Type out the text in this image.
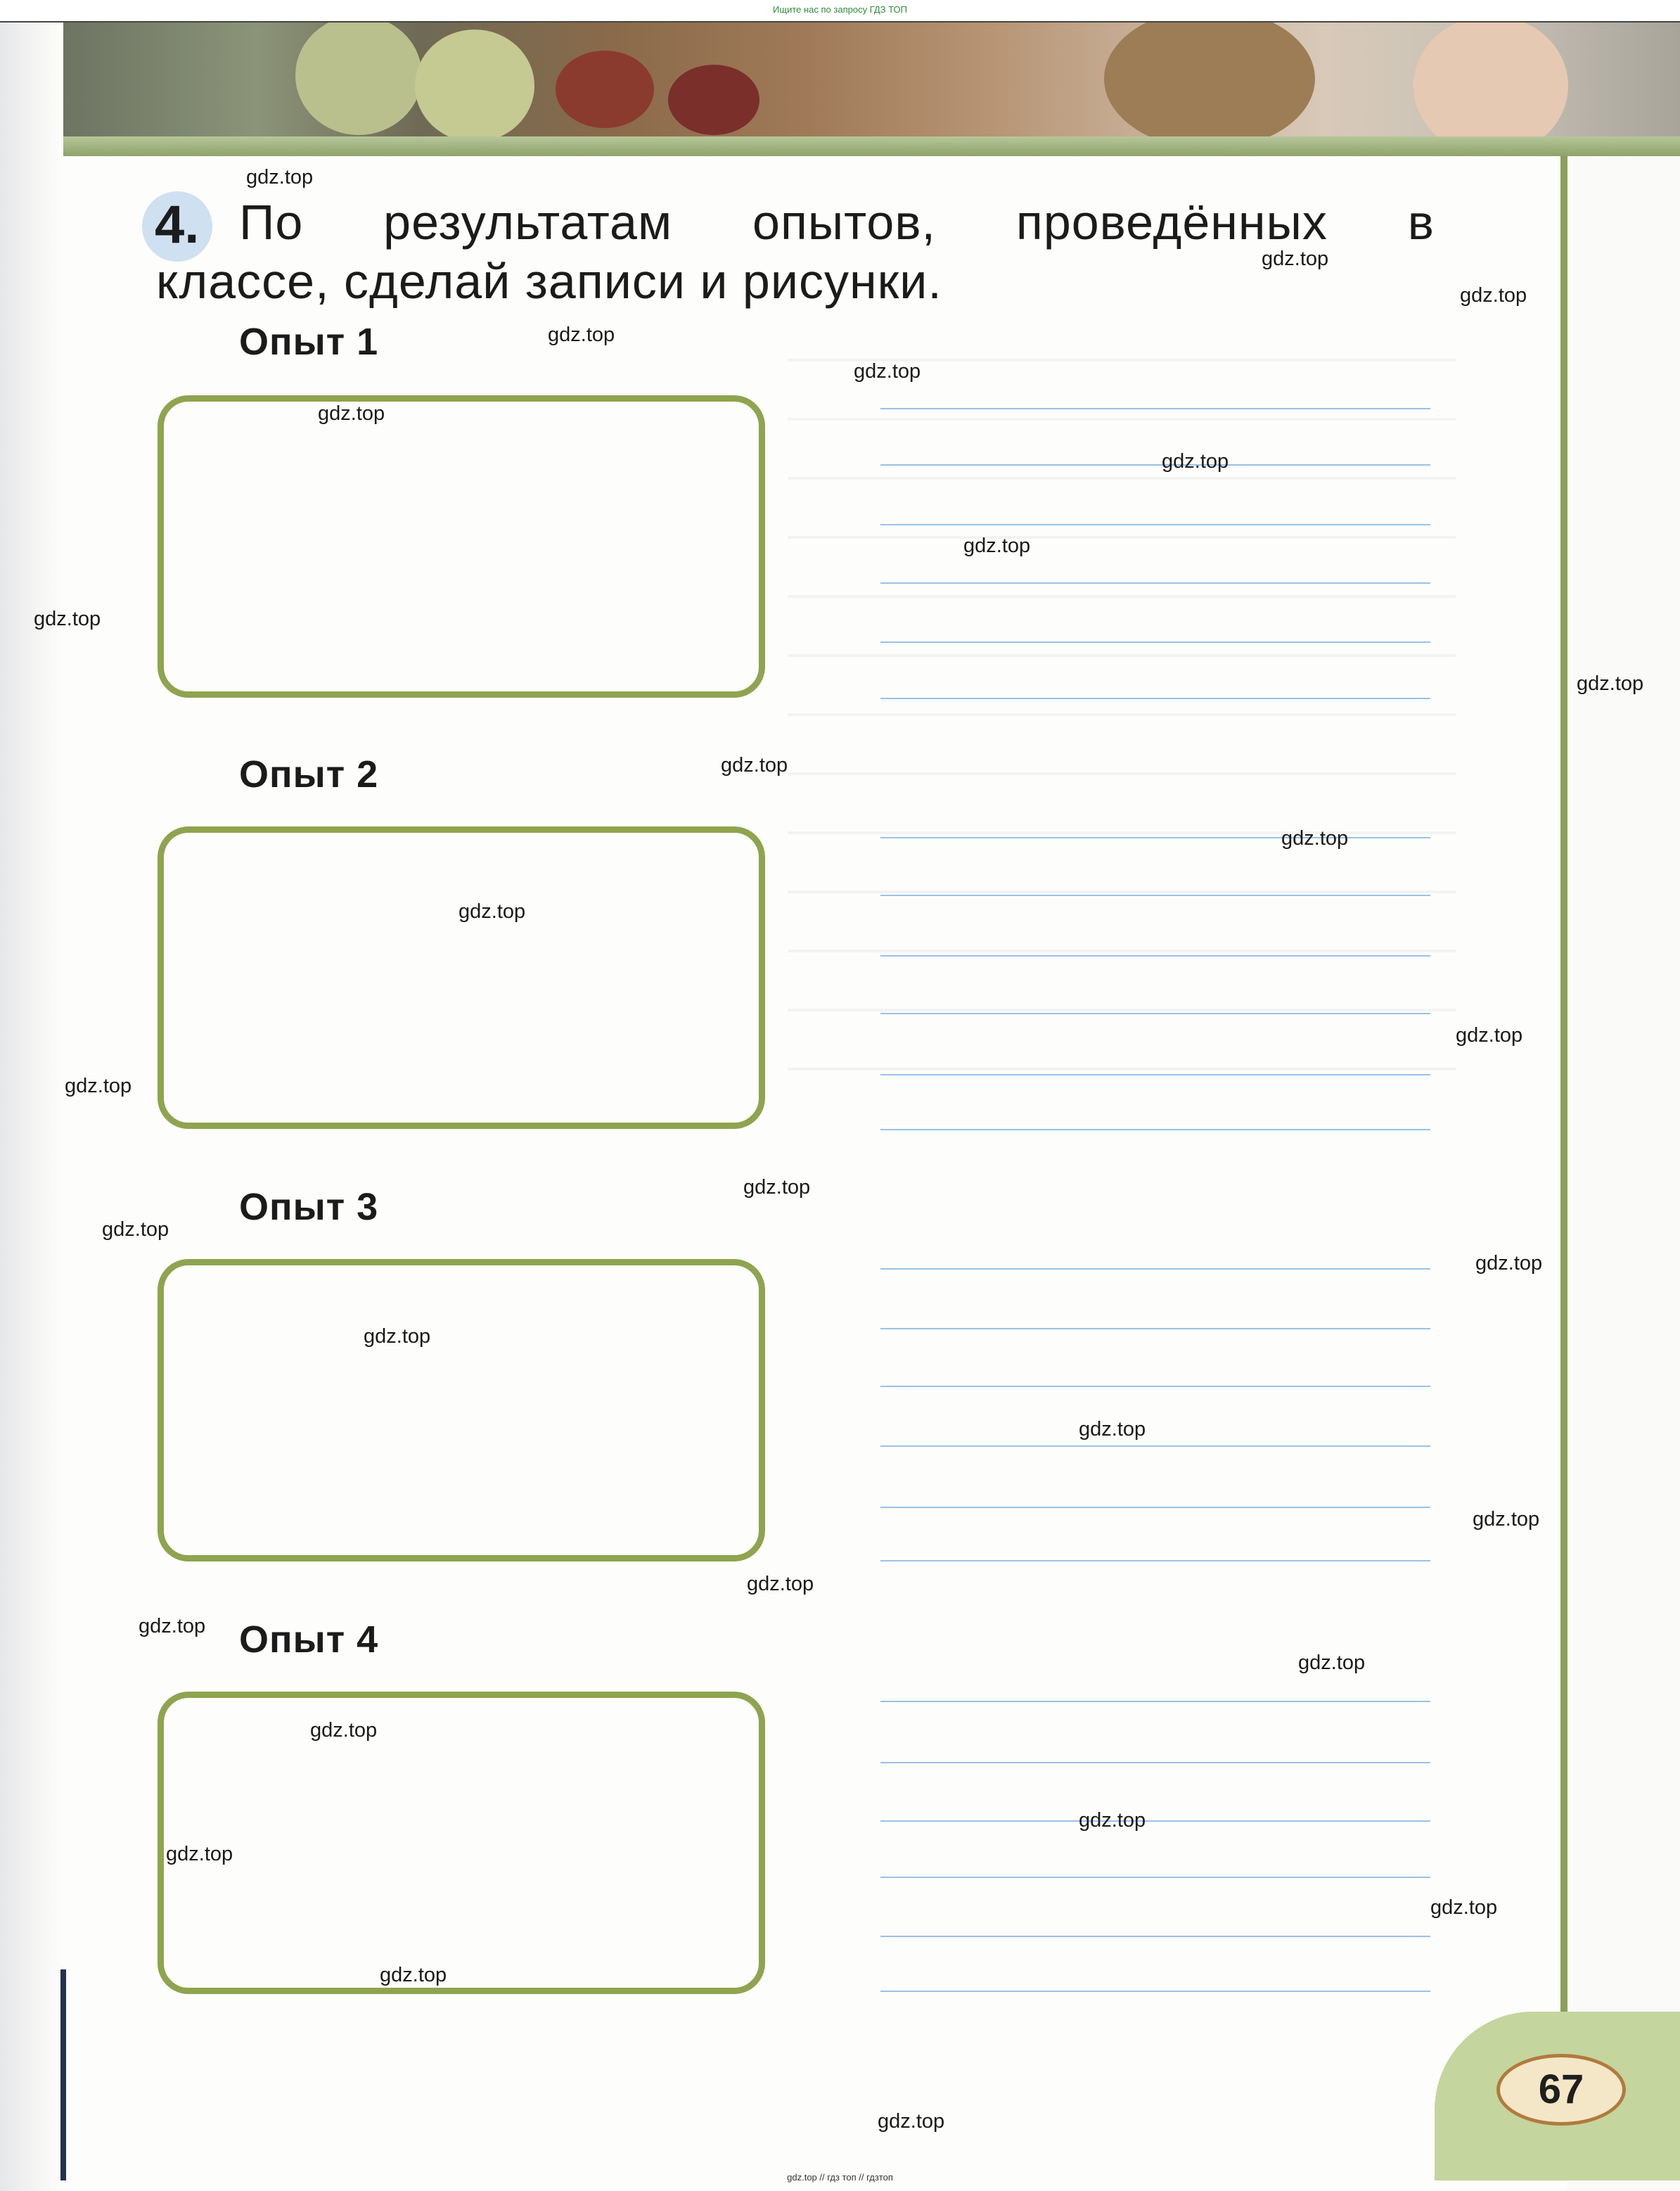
Ищите нас по запросу ГДЗ ТОП
4. По результатам опытов, проведённых в
классе, сделай записи и рисунки.
Опыт 1
Опыт 2
Опыт 3
Опыт 4
67
gdz.top
gdz.top
gdz.top
gdz.top
gdz.top
gdz.top
gdz.top
gdz.top
gdz.top
gdz.top
gdz.top
gdz.top
gdz.top
gdz.top
gdz.top
gdz.top
gdz.top
gdz.top
gdz.top
gdz.top
gdz.top
gdz.top
gdz.top
gdz.top
gdz.top
gdz.top
gdz.top
gdz.top
gdz.top
gdz.top
gdz.top // гдз топ // гдзтоп
